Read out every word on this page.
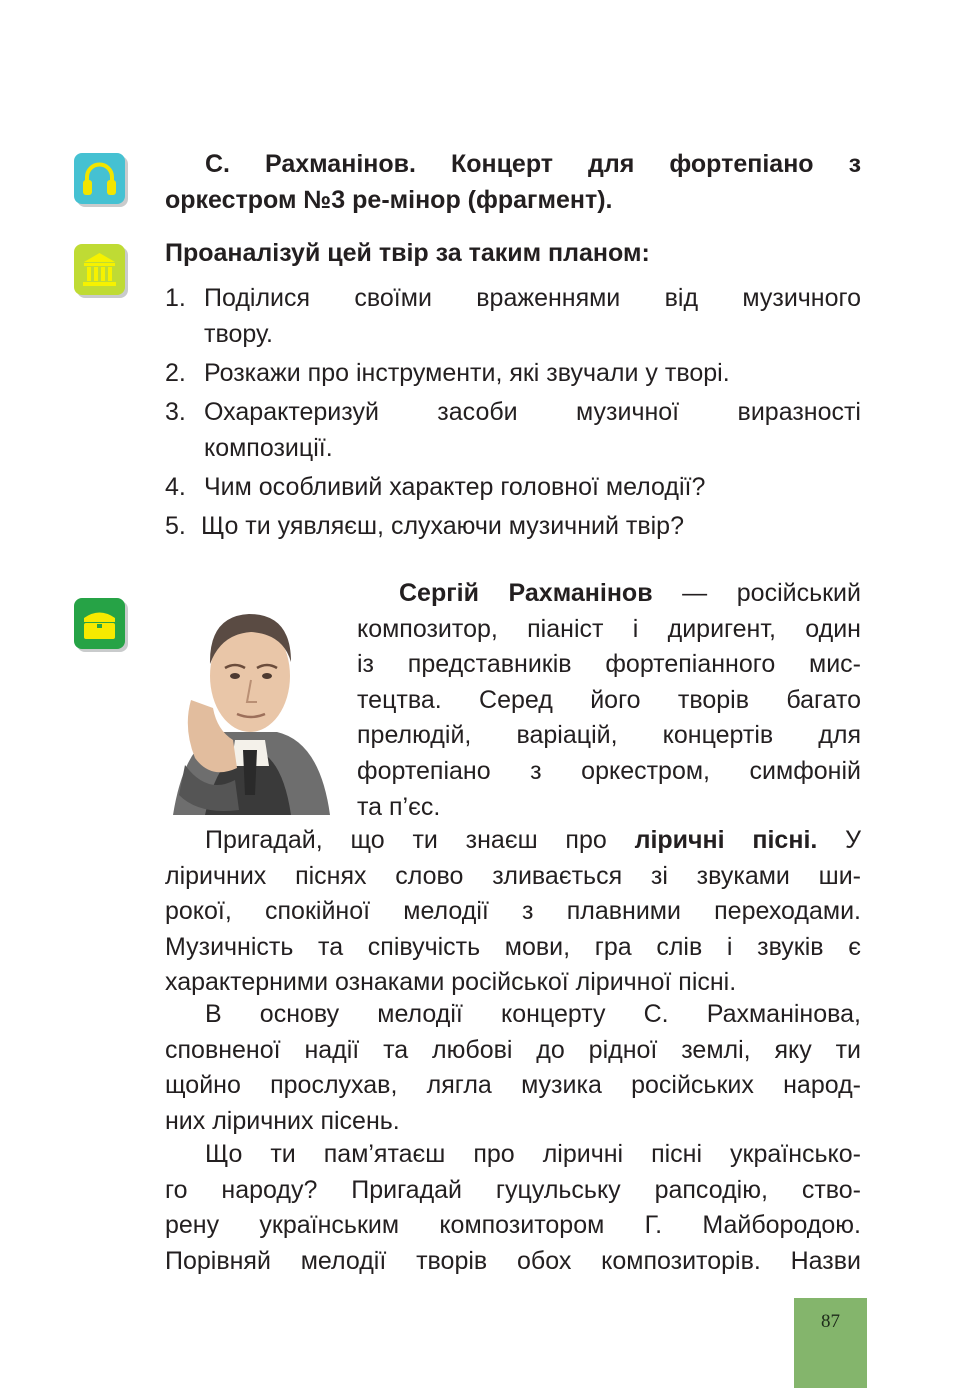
С. Рахманінов. Концерт для фортепіано з
оркестром №3 ре-мінор (фрагмент).
Проаналізуй цей твір за таким планом:
1. Поділися своїми враженнями від музичного
твору.
2. Розкажи про інструменти, які звучали у творі.
3. Охарактеризуй засоби музичної виразності
композиції.
4. Чим особливий характер головної мелодії?
5. Що ти уявляєш, слухаючи музичний твір?
Сергій Рахманінов — російський
композитор, піаніст і диригент, один
із представників фортепіанного мис-
тецтва. Серед його творів багато
прелюдій, варіацій, концертів для
фортепіано з оркестром, симфоній
та п’єс.
Пригадай, що ти знаєш про ліричні пісні. У
ліричних піснях слово зливається зі звуками ши-
рокої, спокійної мелодії з плавними переходами.
Музичність та співучість мови, гра слів і звуків є
характерними ознаками російської ліричної пісні.
В основу мелодії концерту С. Рахманінова,
сповненої надії та любові до рідної землі, яку ти
щойно прослухав, лягла музика російських народ-
них ліричних пісень.
Що ти пам’ятаєш про ліричні пісні українсько-
го народу? Пригадай гуцульську рапсодію, ство-
рену українським композитором Г. Майбородою.
Порівняй мелодії творів обох композиторів. Назви
87
